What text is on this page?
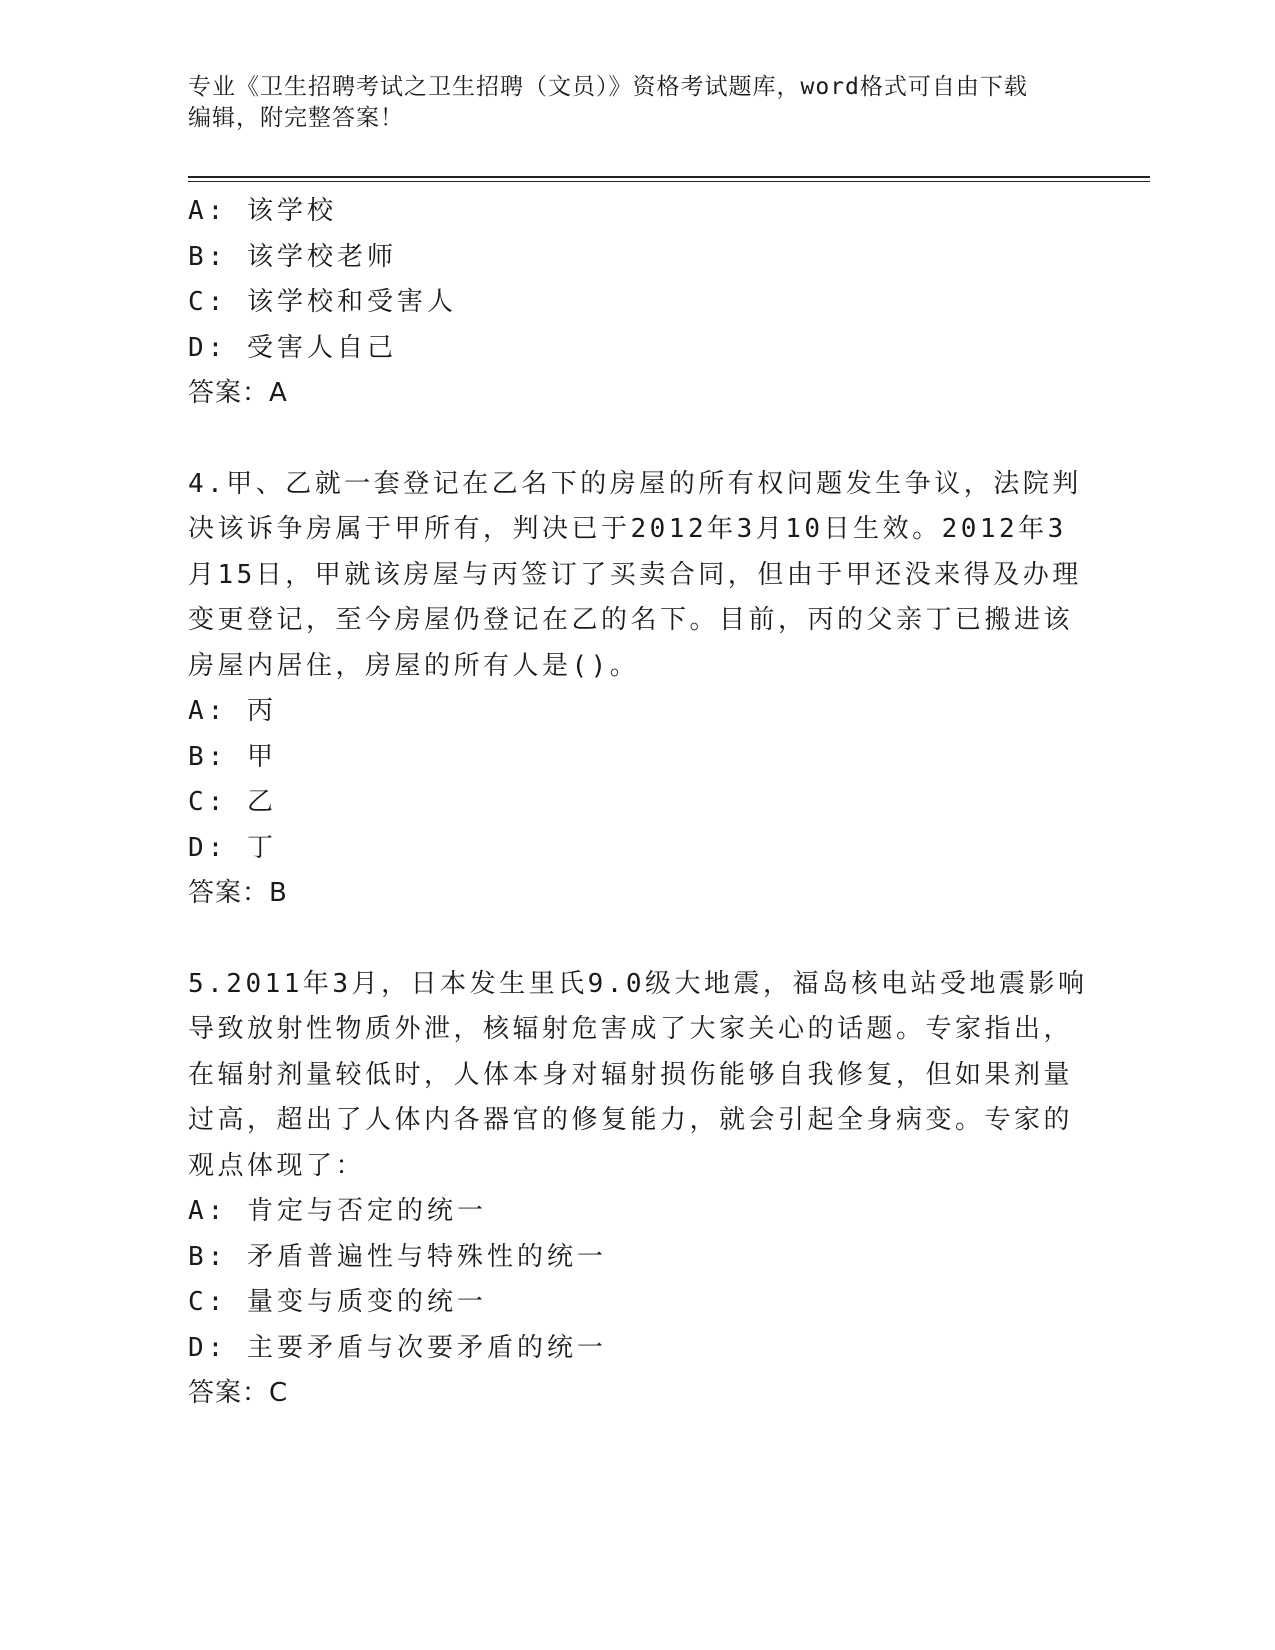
专业《卫生招聘考试之卫生招聘（文员）》资格考试题库，word格式可自由下载
编辑，附完整答案！
A: 该学校
B: 该学校老师
C: 该学校和受害人
D: 受害人自己
答案：A
4.甲、乙就一套登记在乙名下的房屋的所有权问题发生争议，法院判
决该诉争房属于甲所有，判决已于2012年3月10日生效。2012年3
月15日，甲就该房屋与丙签订了买卖合同，但由于甲还没来得及办理
变更登记，至今房屋仍登记在乙的名下。目前，丙的父亲丁已搬进该
房屋内居住，房屋的所有人是()。
A: 丙
B: 甲
C: 乙
D: 丁
答案：B
5.2011年3月，日本发生里氏9.0级大地震，福岛核电站受地震影响
导致放射性物质外泄，核辐射危害成了大家关心的话题。专家指出，
在辐射剂量较低时，人体本身对辐射损伤能够自我修复，但如果剂量
过高，超出了人体内各器官的修复能力，就会引起全身病变。专家的
观点体现了：
A: 肯定与否定的统一
B: 矛盾普遍性与特殊性的统一
C: 量变与质变的统一
D: 主要矛盾与次要矛盾的统一
答案：C
